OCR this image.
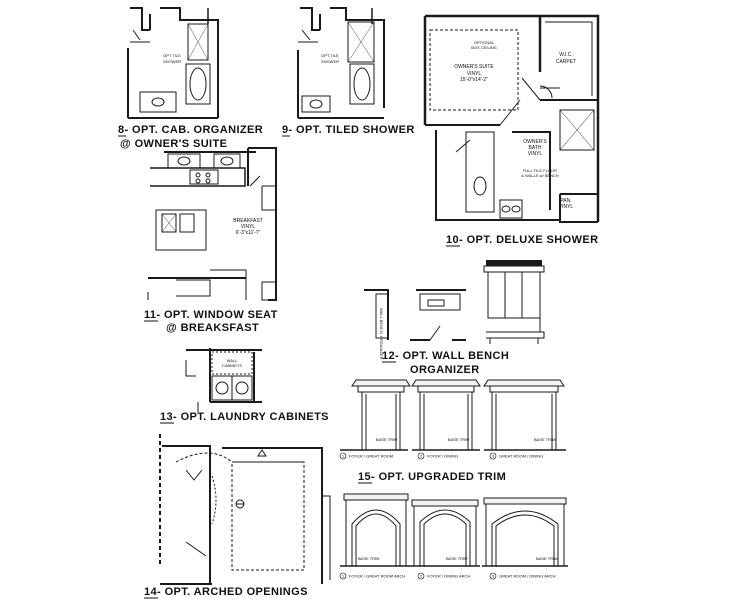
OPT TILE SHOWER
OPT TILE SHOWER
OWNER'S SUITE VINYL 15'-0"x14'-2"
OPTIONAL BOX CEILING
W.I.C. CARPET
OWNER'S BATH VINYL
FULL TILE FLOOR & WALLS w/ BENCH
PAN. VINYL
BREAKFAST VINYL 6'-3"x11'-7"
WALL BENCHORGANIZER
WALL CABINETS
BASE TRIM	BASE TRIM	BASE TRIM
BASE TRIM	BASE TRIM	BASE TRIM
1 FOYER / GREAT ROOM	2 FOYER / DINING	3 GREAT ROOM / DINING
1 FOYER / GREAT ROOM ARCH	2 FOYER / DINING ARCH	3 GREAT ROOM / DINING ARCH
8- OPT. CAB. ORGANIZER
@ OWNER'S SUITE
9- OPT. TILED SHOWER
10- OPT. DELUXE SHOWER
11- OPT. WINDOW SEAT
@ BREAKSFAST
12- OPT. WALL BENCH
ORGANIZER
13- OPT. LAUNDRY CABINETS
14- OPT. ARCHED OPENINGS
15- OPT. UPGRADED TRIM
